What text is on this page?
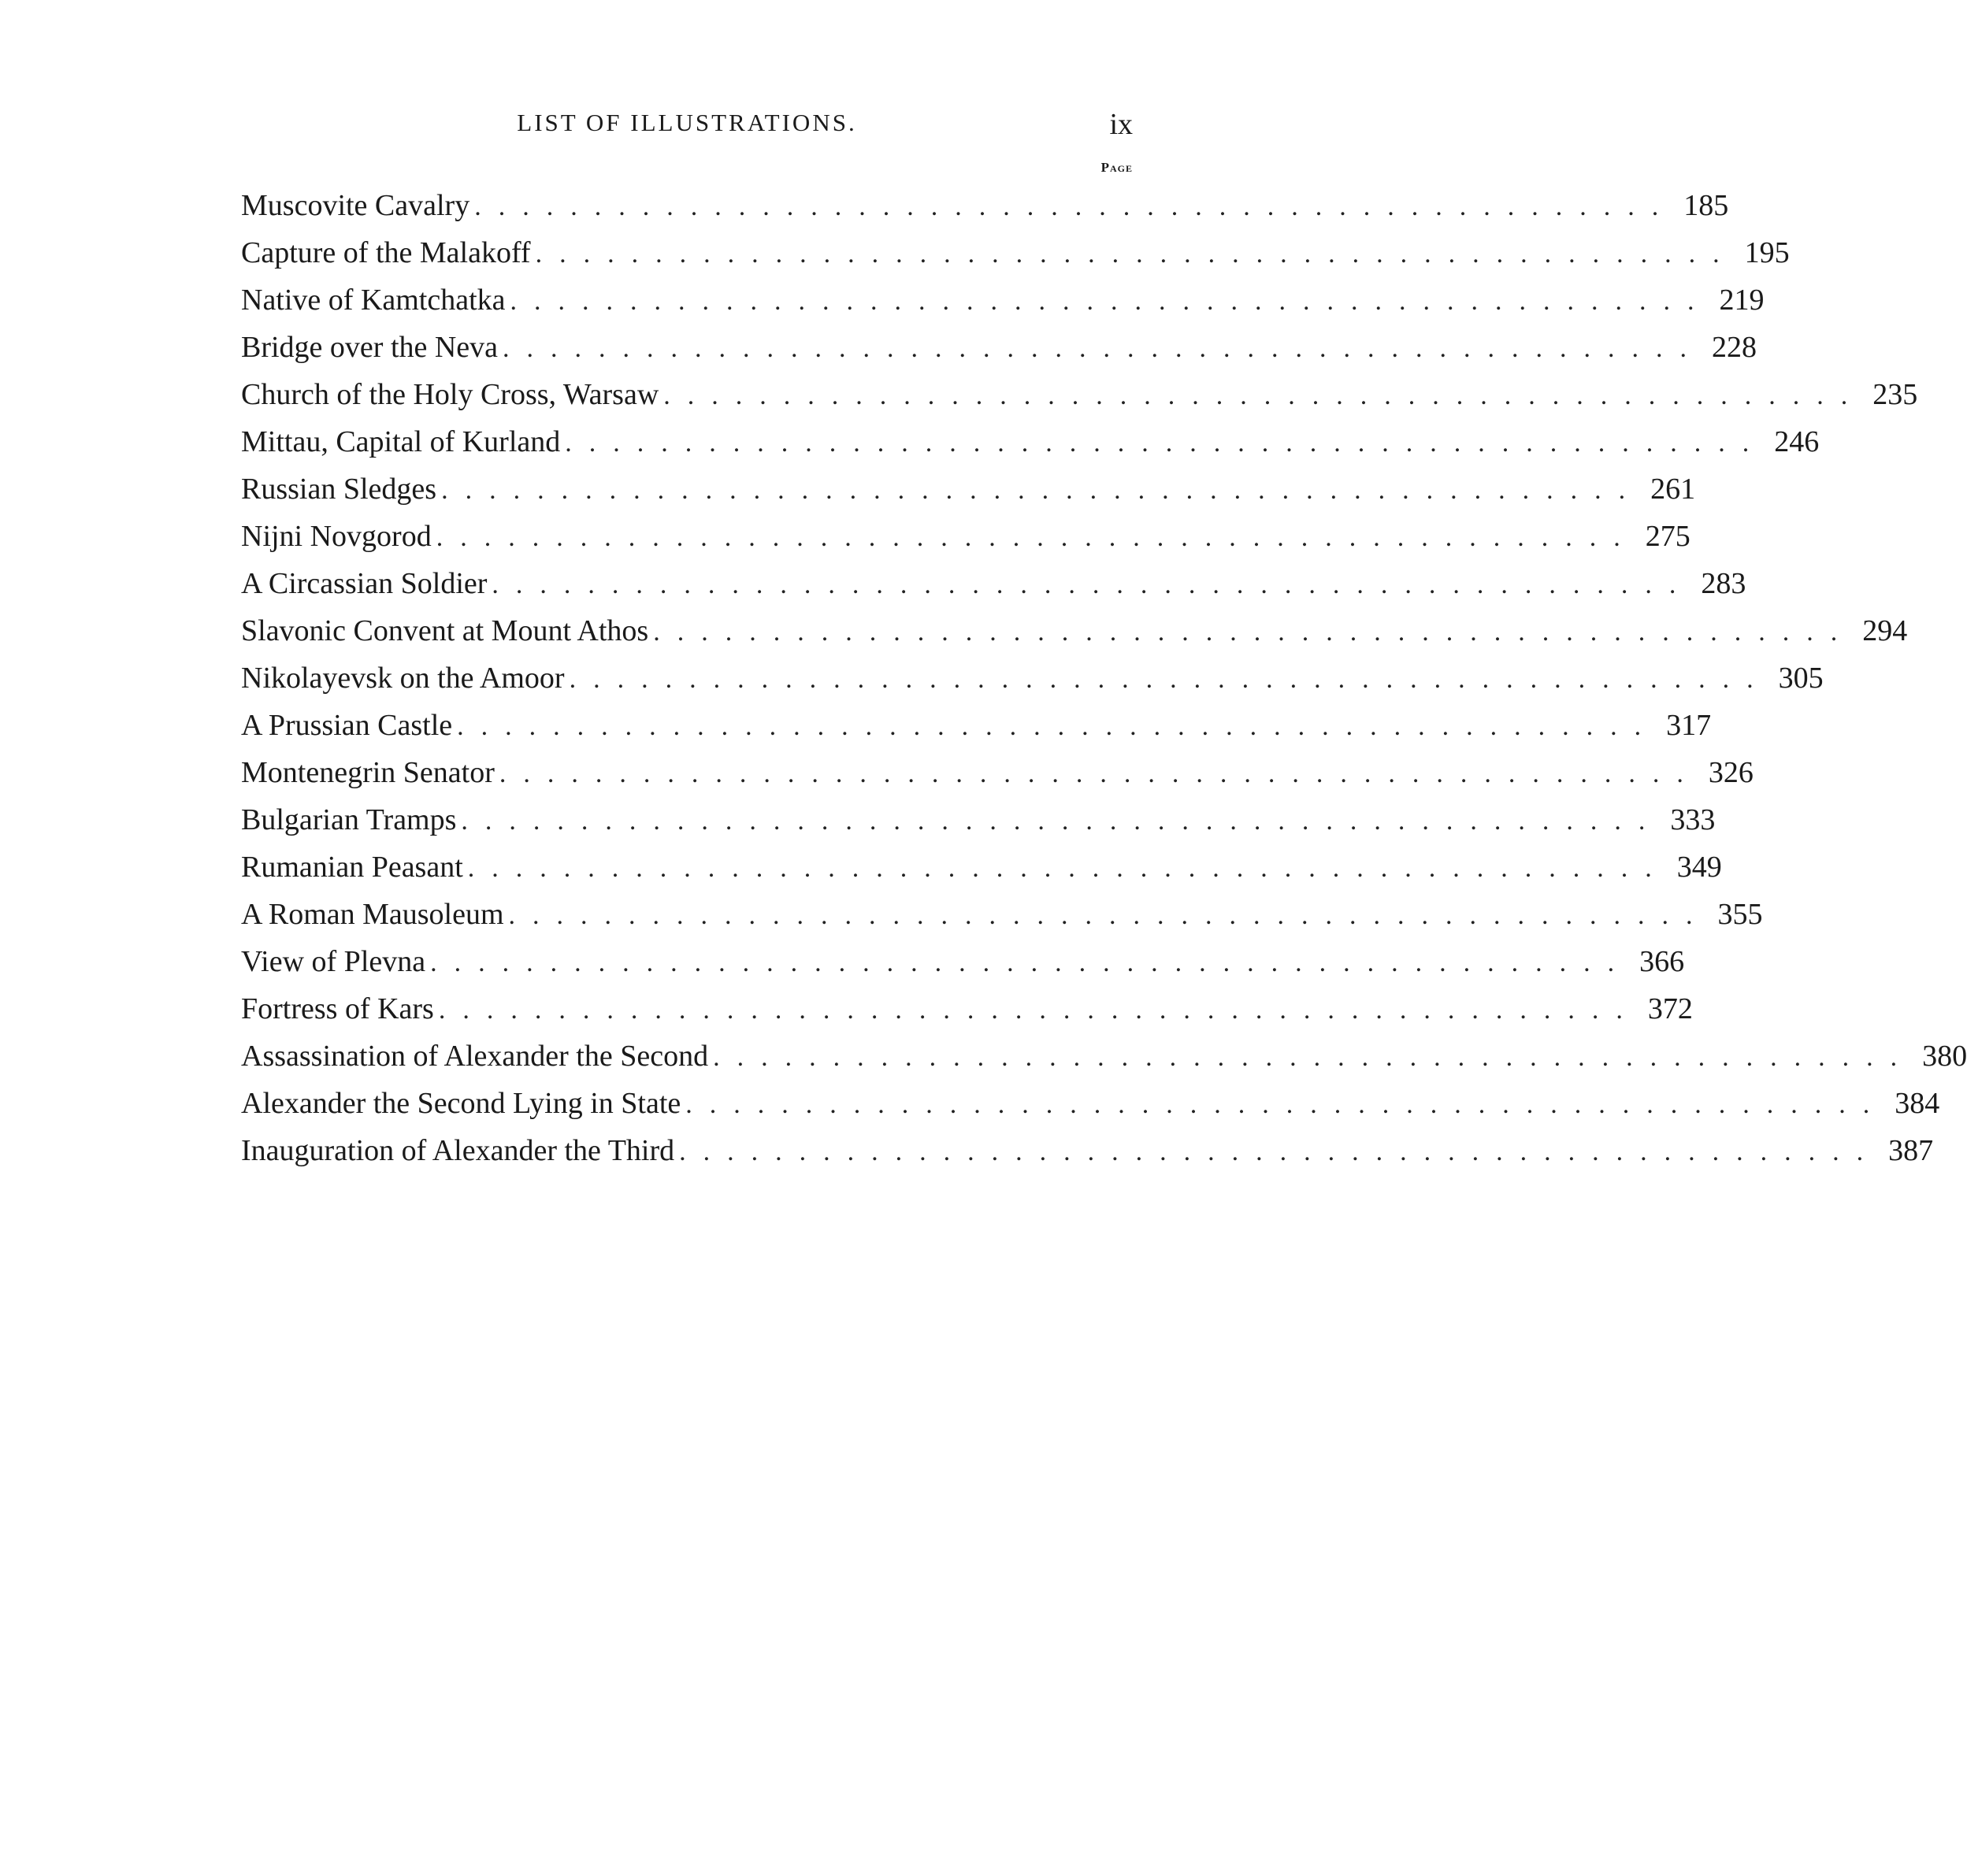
LIST OF ILLUSTRATIONS.	ix
Page
Muscovite Cavalry .................................................. 185
Capture of the Malakoff .................................................. 195
Native of Kamtchatka .................................................. 219
Bridge over the Neva .................................................. 228
Church of the Holy Cross, Warsaw .................................................. 235
Mittau, Capital of Kurland .................................................. 246
Russian Sledges .................................................. 261
Nijni Novgorod .................................................. 275
A Circassian Soldier .................................................. 283
Slavonic Convent at Mount Athos .................................................. 294
Nikolayevsk on the Amoor .................................................. 305
A Prussian Castle .................................................. 317
Montenegrin Senator .................................................. 326
Bulgarian Tramps .................................................. 333
Rumanian Peasant .................................................. 349
A Roman Mausoleum .................................................. 355
View of Plevna .................................................. 366
Fortress of Kars .................................................. 372
Assassination of Alexander the Second .................................................. 380
Alexander the Second Lying in State .................................................. 384
Inauguration of Alexander the Third .................................................. 387
